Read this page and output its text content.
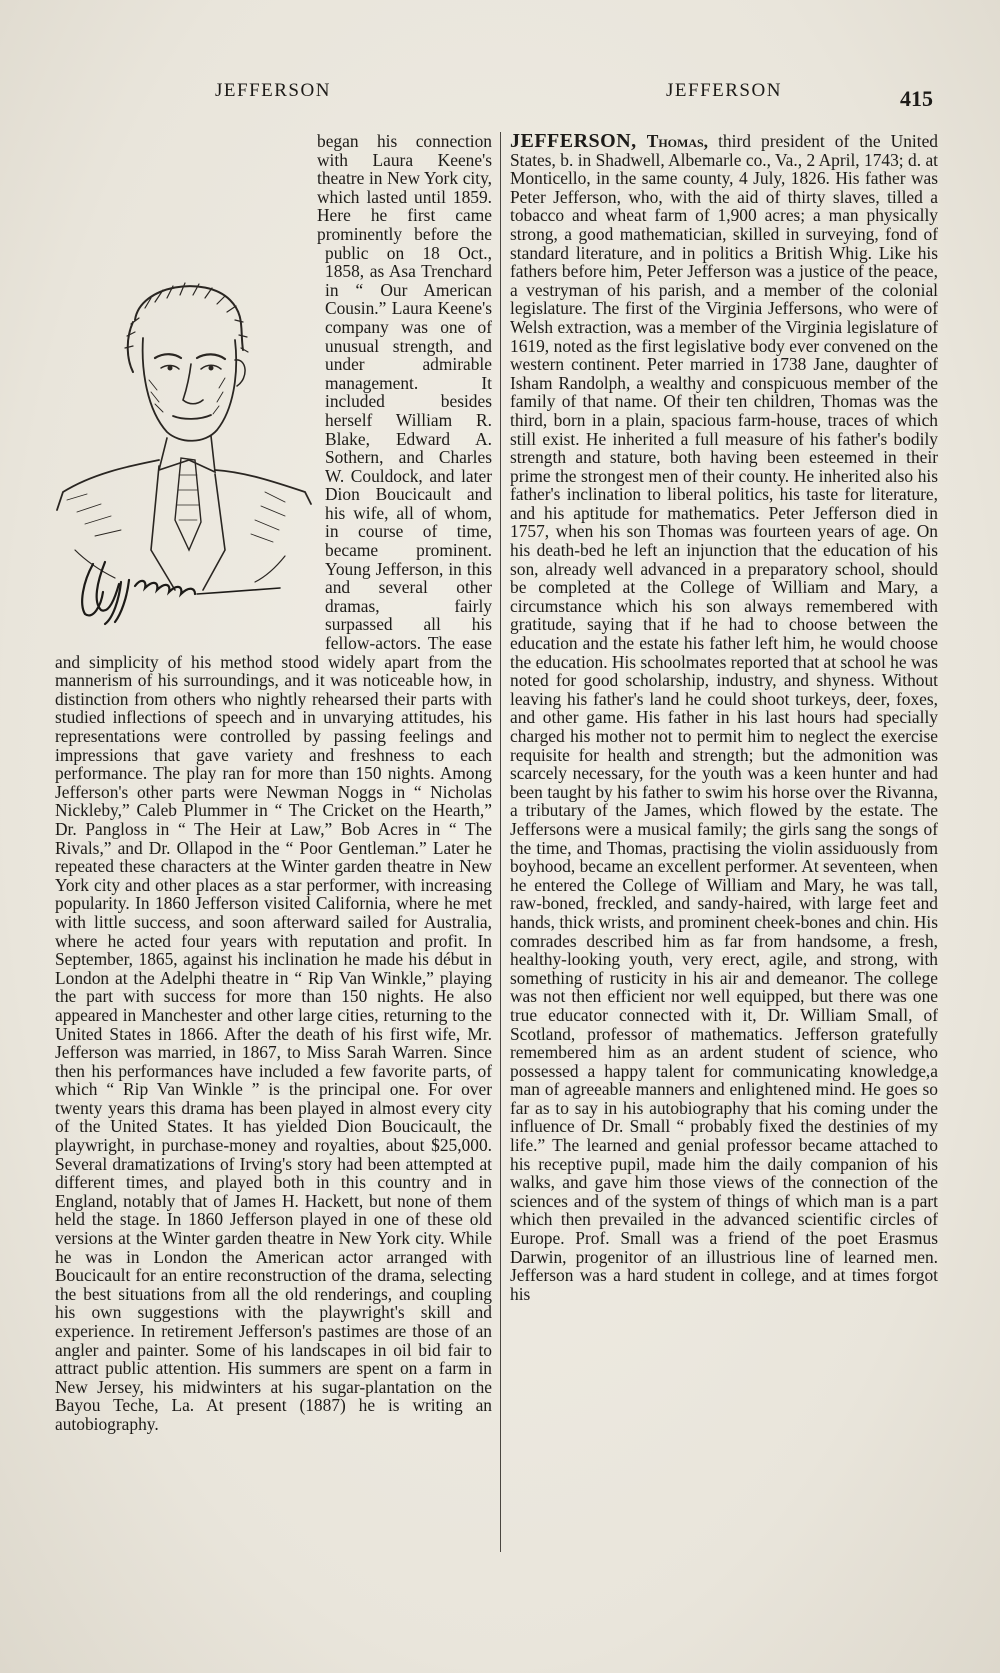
JEFFERSON	JEFFERSON	415

began his connection with Laura Keene's theatre in New York city, which lasted until 1859. Here he first came prominently before the public on 18 Oct., 1858, as Asa Trenchard in “ Our American Cousin.” Laura Keene's company was one of unusual strength, and under admirable management. It included besides herself William R. Blake, Edward A. Sothern, and Charles W. Couldock, and later Dion Boucicault and his wife, all of whom, in course of time, became prominent. Young Jefferson, in this and several other dramas, fairly surpassed all his fellow-actors. The ease and simplicity of his method stood widely apart from the mannerism of his surroundings, and it was noticeable how, in distinction from others who nightly rehearsed their parts with studied inflections of speech and in unvarying attitudes, his representations were controlled by passing feelings and impressions that gave variety and freshness to each performance. The play ran for more than 150 nights. Among Jefferson's other parts were Newman Noggs in “ Nicholas Nickleby,” Caleb Plummer in “ The Cricket on the Hearth,” Dr. Pangloss in “ The Heir at Law,” Bob Acres in “ The Rivals,” and Dr. Ollapod in the “ Poor Gentleman.” Later he repeated these characters at the Winter garden theatre in New York city and other places as a star performer, with increasing popularity. In 1860 Jefferson visited California, where he met with little success, and soon afterward sailed for Australia, where he acted four years with reputation and profit. In September, 1865, against his inclination he made his début in London at the Adelphi theatre in “ Rip Van Winkle,” playing the part with success for more than 150 nights. He also appeared in Manchester and other large cities, returning to the United States in 1866. After the death of his first wife, Mr. Jefferson was married, in 1867, to Miss Sarah Warren. Since then his performances have included a few favorite parts, of which “ Rip Van Winkle ” is the principal one. For over twenty years this drama has been played in almost every city of the United States. It has yielded Dion Boucicault, the playwright, in purchase-money and royalties, about $25,000. Several dramatizations of Irving's story had been attempted at different times, and played both in this country and in England, notably that of James H. Hackett, but none of them held the stage. In 1860 Jefferson played in one of these old versions at the Winter garden theatre in New York city. While he was in London the American actor arranged with Boucicault for an entire reconstruction of the drama, selecting the best situations from all the old renderings, and coupling his own suggestions with the playwright's skill and experience. In retirement Jefferson's pastimes are those of an angler and painter. Some of his landscapes in oil bid fair to attract public attention. His summers are spent on a farm in New Jersey, his midwinters at his sugar-plantation on the Bayou Teche, La. At present (1887) he is writing an autobiography.

JEFFERSON, Thomas, third president of the United States, b. in Shadwell, Albemarle co., Va., 2 April, 1743; d. at Monticello, in the same county, 4 July, 1826. His father was Peter Jefferson, who, with the aid of thirty slaves, tilled a tobacco and wheat farm of 1,900 acres; a man physically strong, a good mathematician, skilled in surveying, fond of standard literature, and in politics a British Whig. Like his fathers before him, Peter Jefferson was a justice of the peace, a vestryman of his parish, and a member of the colonial legislature. The first of the Virginia Jeffersons, who were of Welsh extraction, was a member of the Virginia legislature of 1619, noted as the first legislative body ever convened on the western continent. Peter married in 1738 Jane, daughter of Isham Randolph, a wealthy and conspicuous member of the family of that name. Of their ten children, Thomas was the third, born in a plain, spacious farm-house, traces of which still exist. He inherited a full measure of his father's bodily strength and stature, both having been esteemed in their prime the strongest men of their county. He inherited also his father's inclination to liberal politics, his taste for literature, and his aptitude for mathematics. Peter Jefferson died in 1757, when his son Thomas was fourteen years of age. On his death-bed he left an injunction that the education of his son, already well advanced in a preparatory school, should be completed at the College of William and Mary, a circumstance which his son always remembered with gratitude, saying that if he had to choose between the education and the estate his father left him, he would choose the education. His schoolmates reported that at school he was noted for good scholarship, industry, and shyness. Without leaving his father's land he could shoot turkeys, deer, foxes, and other game. His father in his last hours had specially charged his mother not to permit him to neglect the exercise requisite for health and strength; but the admonition was scarcely necessary, for the youth was a keen hunter and had been taught by his father to swim his horse over the Rivanna, a tributary of the James, which flowed by the estate. The Jeffersons were a musical family; the girls sang the songs of the time, and Thomas, practising the violin assiduously from boyhood, became an excellent performer. At seventeen, when he entered the College of William and Mary, he was tall, raw-boned, freckled, and sandy-haired, with large feet and hands, thick wrists, and prominent cheek-bones and chin. His comrades described him as far from handsome, a fresh, healthy-looking youth, very erect, agile, and strong, with something of rusticity in his air and demeanor. The college was not then efficient nor well equipped, but there was one true educator connected with it, Dr. William Small, of Scotland, professor of mathematics. Jefferson gratefully remembered him as an ardent student of science, who possessed a happy talent for communicating knowledge,a man of agreeable manners and enlightened mind. He goes so far as to say in his autobiography that his coming under the influence of Dr. Small “ probably fixed the destinies of my life.” The learned and genial professor became attached to his receptive pupil, made him the daily companion of his walks, and gave him those views of the connection of the sciences and of the system of things of which man is a part which then prevailed in the advanced scientific circles of Europe. Prof. Small was a friend of the poet Erasmus Darwin, progenitor of an illustrious line of learned men. Jefferson was a hard student in college, and at times forgot his
